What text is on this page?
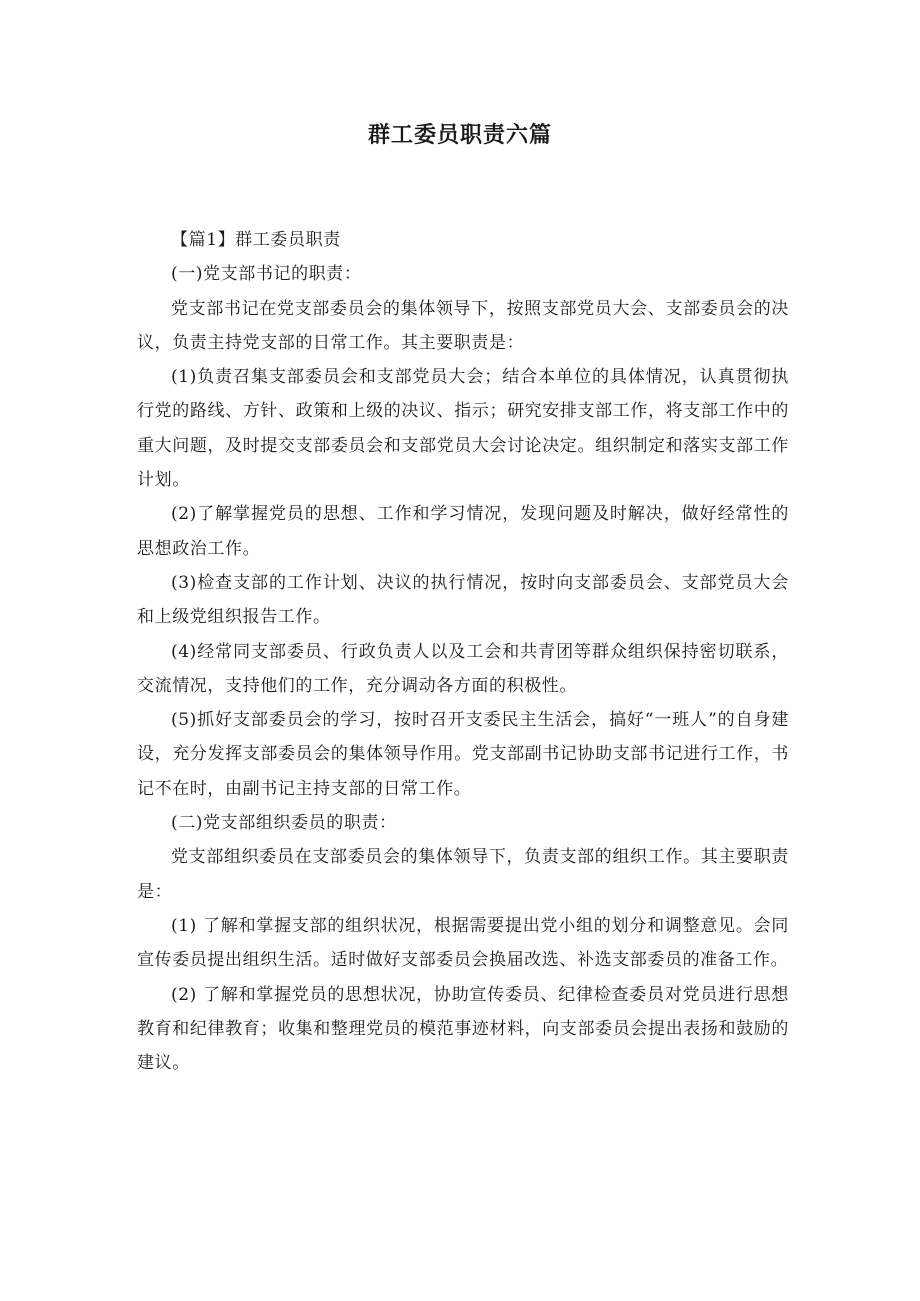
群工委员职责六篇

【篇1】群工委员职责

(一)党支部书记的职责：

党支部书记在党支部委员会的集体领导下，按照支部党员大会、支部委员会的决议，负责主持党支部的日常工作。其主要职责是：

(1)负责召集支部委员会和支部党员大会；结合本单位的具体情况，认真贯彻执行党的路线、方针、政策和上级的决议、指示；研究安排支部工作，将支部工作中的重大问题，及时提交支部委员会和支部党员大会讨论决定。组织制定和落实支部工作计划。

(2)了解掌握党员的思想、工作和学习情况，发现问题及时解决，做好经常性的思想政治工作。

(3)检查支部的工作计划、决议的执行情况，按时向支部委员会、支部党员大会和上级党组织报告工作。

(4)经常同支部委员、行政负责人以及工会和共青团等群众组织保持密切联系，交流情况，支持他们的工作，充分调动各方面的积极性。

(5)抓好支部委员会的学习，按时召开支委民主生活会，搞好“一班人”的自身建设，充分发挥支部委员会的集体领导作用。党支部副书记协助支部书记进行工作，书记不在时，由副书记主持支部的日常工作。

(二)党支部组织委员的职责：

党支部组织委员在支部委员会的集体领导下，负责支部的组织工作。其主要职责是：

(1) 了解和掌握支部的组织状况，根据需要提出党小组的划分和调整意见。会同宣传委员提出组织生活。适时做好支部委员会换届改选、补选支部委员的准备工作。

(2) 了解和掌握党员的思想状况，协助宣传委员、纪律检查委员对党员进行思想教育和纪律教育；收集和整理党员的模范事迹材料，向支部委员会提出表扬和鼓励的建议。
